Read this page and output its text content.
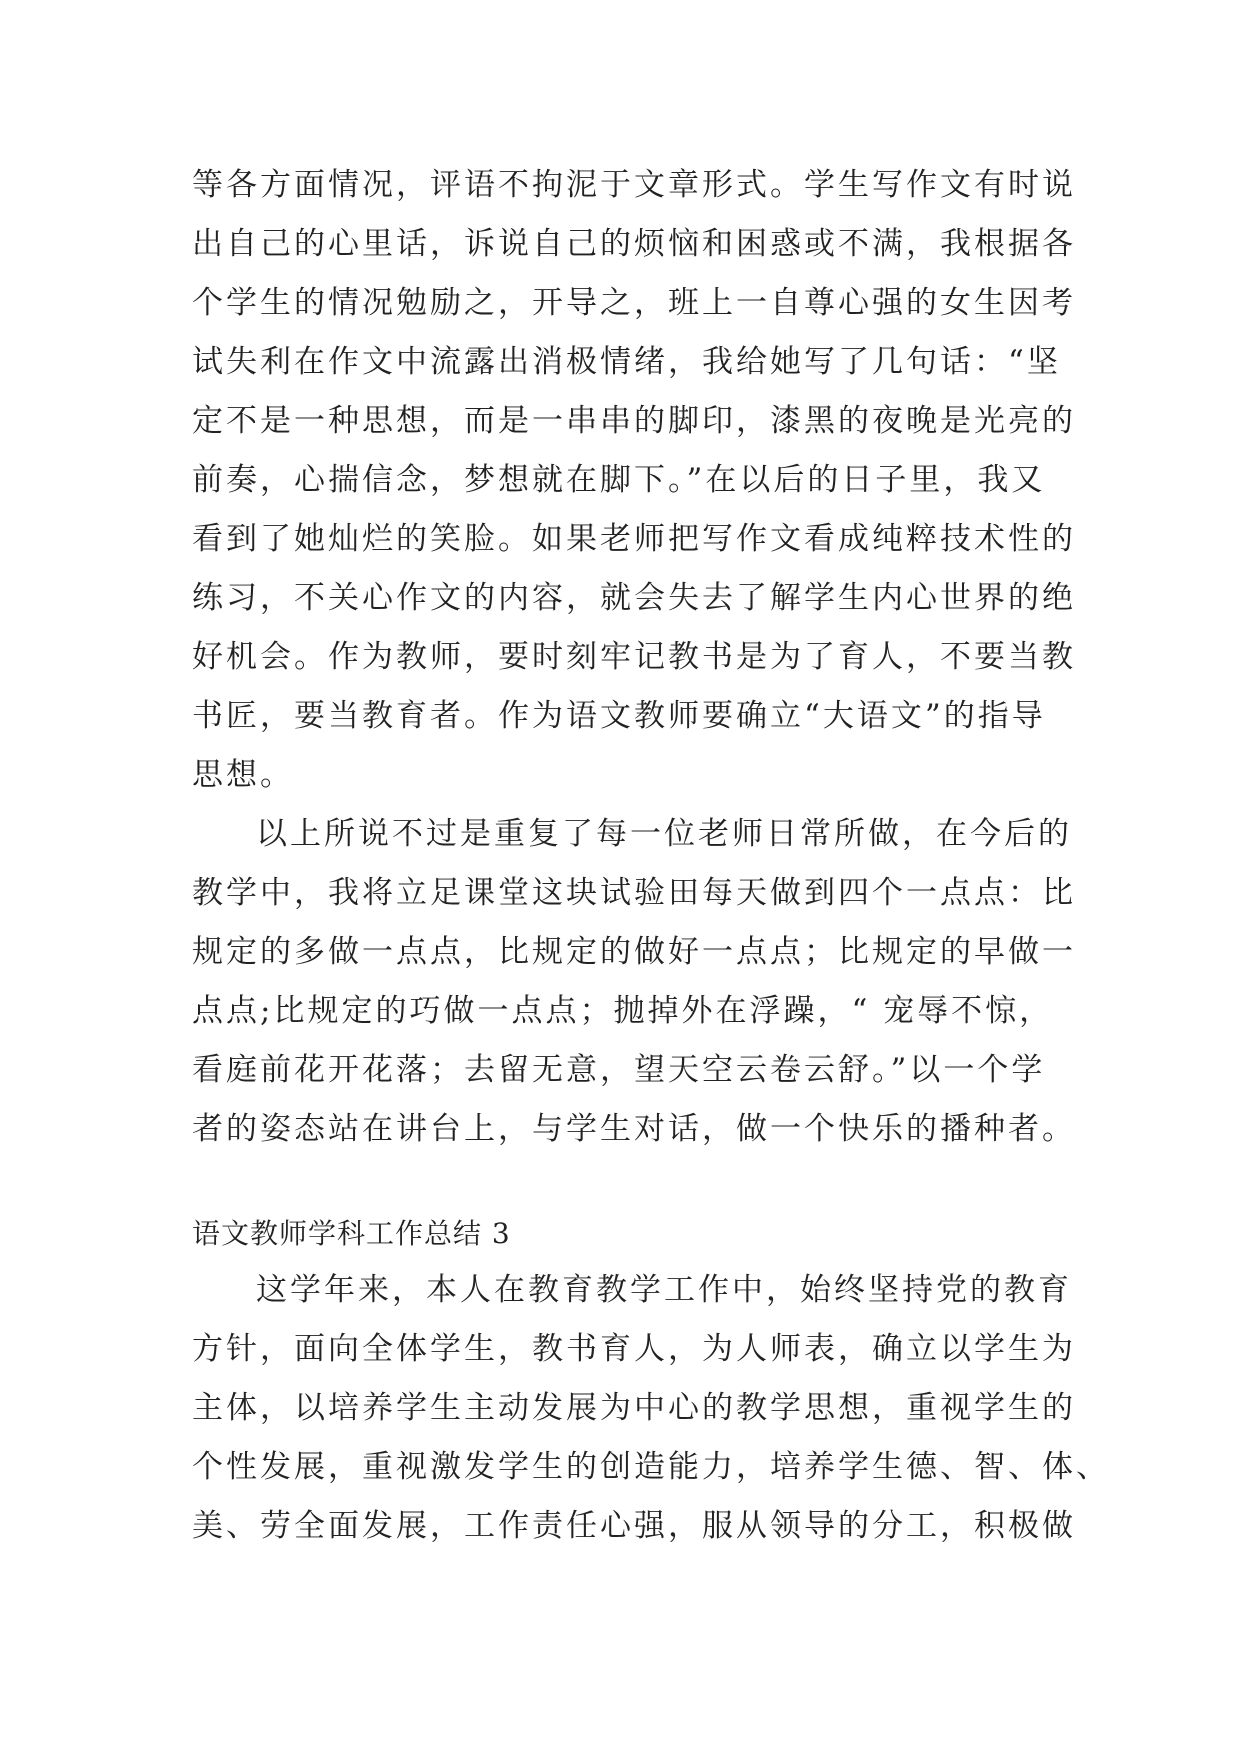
等各方面情况，评语不拘泥于文章形式。学生写作文有时说
出自己的心里话，诉说自己的烦恼和困惑或不满，我根据各
个学生的情况勉励之，开导之，班上一自尊心强的女生因考
试失利在作文中流露出消极情绪，我给她写了几句话：“坚
定不是一种思想，而是一串串的脚印，漆黑的夜晚是光亮的
前奏，心揣信念，梦想就在脚下。”在以后的日子里，我又
看到了她灿烂的笑脸。如果老师把写作文看成纯粹技术性的
练习，不关心作文的内容，就会失去了解学生内心世界的绝
好机会。作为教师，要时刻牢记教书是为了育人，不要当教
书匠，要当教育者。作为语文教师要确立“大语文”的指导
思想。
以上所说不过是重复了每一位老师日常所做，在今后的
教学中，我将立足课堂这块试验田每天做到四个一点点：比
规定的多做一点点，比规定的做好一点点；比规定的早做一
点点;比规定的巧做一点点；抛掉外在浮躁，“ 宠辱不惊，
看庭前花开花落；去留无意，望天空云卷云舒。”以一个学
者的姿态站在讲台上，与学生对话，做一个快乐的播种者。
语文教师学科工作总结 3
这学年来，本人在教育教学工作中，始终坚持党的教育
方针，面向全体学生，教书育人，为人师表，确立以学生为
主体，以培养学生主动发展为中心的教学思想，重视学生的
个性发展，重视激发学生的创造能力，培养学生德、智、体、
美、劳全面发展，工作责任心强，服从领导的分工，积极做
